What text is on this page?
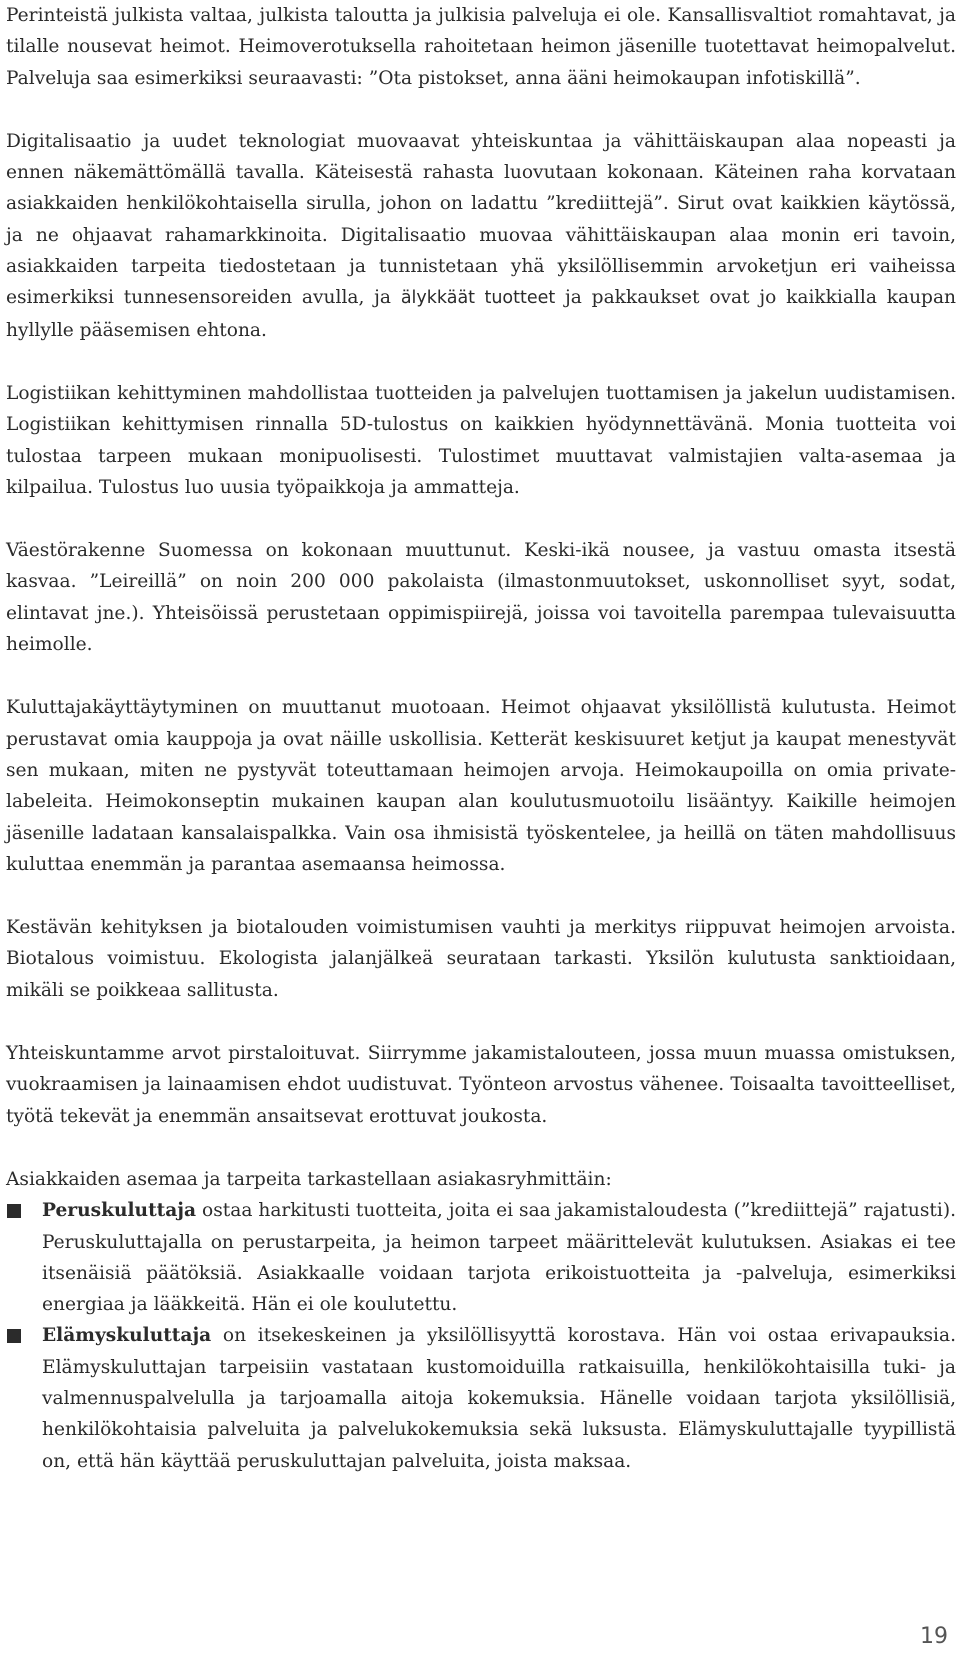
Perinteistä julkista valtaa, julkista taloutta ja julkisia palveluja ei ole. Kansallisvaltiot romahtavat, ja tilalle nousevat heimot. Heimoverotuksella rahoitetaan heimon jäsenille tuotettavat heimopalvelut. Palveluja saa esimerkiksi seuraavasti: ”Ota pistokset, anna ääni heimokaupan infotiskillä”.

Digitalisaatio ja uudet teknologiat muovaavat yhteiskuntaa ja vähittäiskaupan alaa nopeasti ja ennen näkemättömällä tavalla. Käteisestä rahasta luovutaan kokonaan. Käteinen raha korvataan asiakkaiden henkilökohtaisella sirulla, johon on ladattu ”krediittejä”. Sirut ovat kaikkien käytössä, ja ne ohjaavat rahamarkkinoita. Digitalisaatio muovaa vähittäiskaupan alaa monin eri tavoin, asiakkaiden tarpeita tiedostetaan ja tunnistetaan yhä yksilöllisemmin arvoketjun eri vaiheissa esimerkiksi tunnesensoreiden avulla, ja älykkäät tuotteet ja pakkaukset ovat jo kaikkialla kaupan hyllylle pääsemisen ehtona.

Logistiikan kehittyminen mahdollistaa tuotteiden ja palvelujen tuottamisen ja jakelun uudistamisen. Logistiikan kehittymisen rinnalla 5D-tulostus on kaikkien hyödynnettävänä. Monia tuotteita voi tulostaa tarpeen mukaan monipuolisesti. Tulostimet muuttavat valmistajien valta-asemaa ja kilpailua. Tulostus luo uusia työpaikkoja ja ammatteja.

Väestörakenne Suomessa on kokonaan muuttunut. Keski-ikä nousee, ja vastuu omasta itsestä kasvaa. ”Leireillä” on noin 200 000 pakolaista (ilmastonmuutokset, uskonnolliset syyt, sodat, elintavat jne.). Yhteisöissä perustetaan oppimispiirejä, joissa voi tavoitella parempaa tulevaisuutta heimolle.

Kuluttajakäyttäytyminen on muuttanut muotoaan. Heimot ohjaavat yksilöllistä kulutusta. Heimot perustavat omia kauppoja ja ovat näille uskollisia. Ketterät keskisuuret ketjut ja kaupat menestyvät sen mukaan, miten ne pystyvät toteuttamaan heimojen arvoja. Heimokaupoilla on omia private-labeleita. Heimokonseptin mukainen kaupan alan koulutusmuotoilu lisääntyy. Kaikille heimojen jäsenille ladataan kansalaispalkka. Vain osa ihmisistä työskentelee, ja heillä on täten mahdollisuus kuluttaa enemmän ja parantaa asemaansa heimossa.

Kestävän kehityksen ja biotalouden voimistumisen vauhti ja merkitys riippuvat heimojen arvoista. Biotalous voimistuu. Ekologista jalanjälkeä seurataan tarkasti. Yksilön kulutusta sanktioidaan, mikäli se poikkeaa sallitusta.

Yhteiskuntamme arvot pirstaloituvat. Siirrymme jakamistalouteen, jossa muun muassa omistuksen, vuokraamisen ja lainaamisen ehdot uudistuvat. Työnteon arvostus vähenee. Toisaalta tavoitteelliset, työtä tekevät ja enemmän ansaitsevat erottuvat joukosta.

Asiakkaiden asemaa ja tarpeita tarkastellaan asiakasryhmittäin:

Peruskuluttaja ostaa harkitusti tuotteita, joita ei saa jakamistaloudesta (”krediittejä” rajatusti). Peruskuluttajalla on perustarpeita, ja heimon tarpeet määrittelevät kulutuksen. Asiakas ei tee itsenäisiä päätöksiä. Asiakkaalle voidaan tarjota erikoistuotteita ja -palveluja, esimerkiksi energiaa ja lääkkeitä. Hän ei ole koulutettu.
Elämyskuluttaja on itsekeskeinen ja yksilöllisyyttä korostava. Hän voi ostaa erivapauksia. Elämyskuluttajan tarpeisiin vastataan kustomoiduilla ratkaisuilla, henkilökohtaisilla tuki- ja valmennuspalvelulla ja tarjoamalla aitoja kokemuksia. Hänelle voidaan tarjota yksilöllisiä, henkilökohtaisia palveluita ja palvelukokemuksia sekä luksusta. Elämyskuluttajalle tyypillistä on, että hän käyttää peruskuluttajan palveluita, joista maksaa.
19
